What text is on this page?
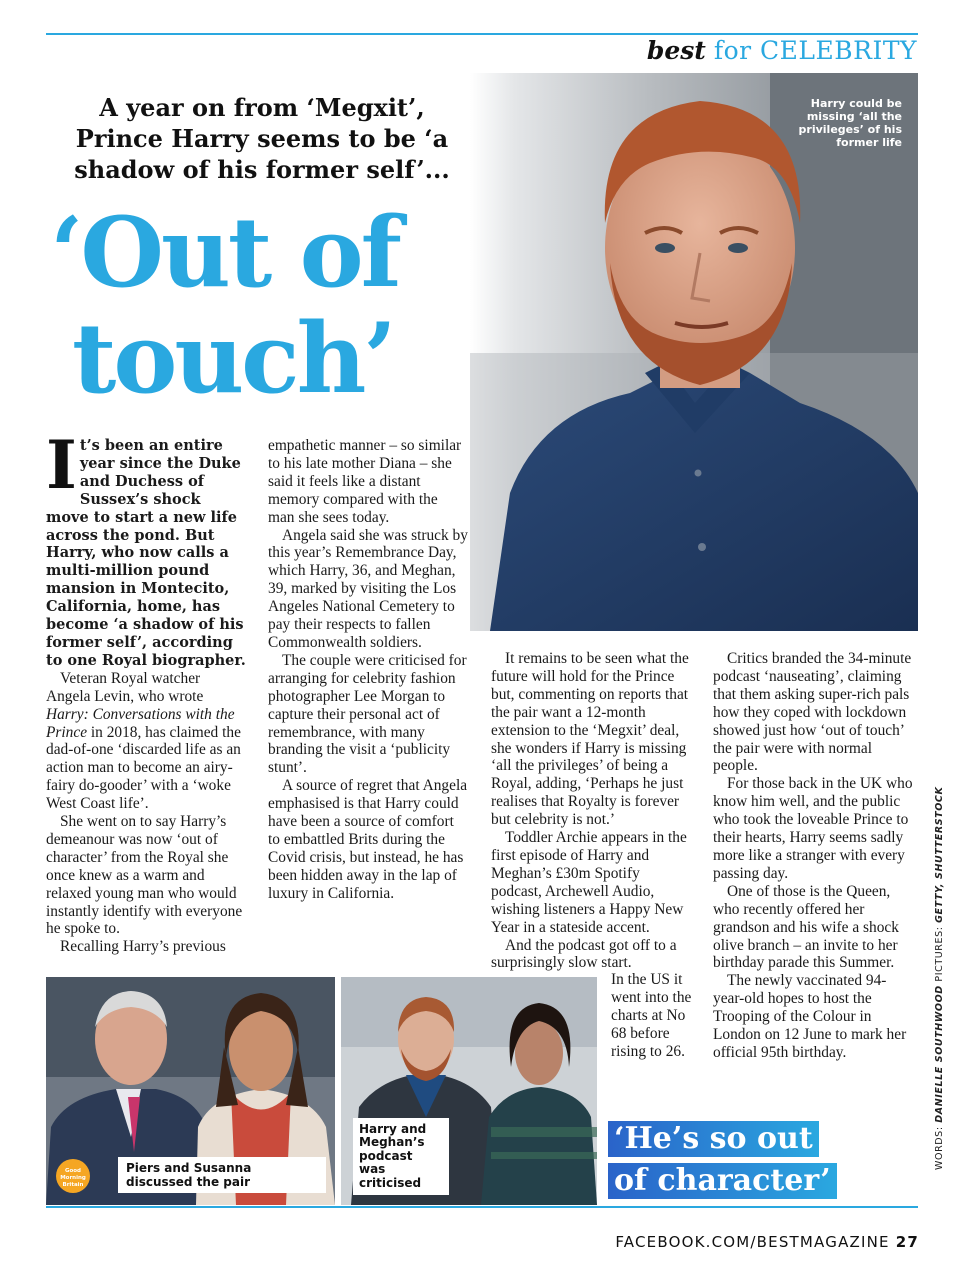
best for CELEBRITY
Harry could be missing ‘all the privileges’ of his former life
A year on from ‘Megxit’, Prince Harry seems to be ‘a shadow of his former self’...
‘Out of
touch’

It’s been an entire year since the Duke and Duchess of Sussex’s shock move to start a new life across the pond. But Harry, who now calls a multi-million pound mansion in Montecito, California, home, has become ‘a shadow of his former self’, according to one Royal biographer.

Veteran Royal watcher Angela Levin, who wrote Harry: Conversations with the Prince in 2018, has claimed the dad-of-one ‘discarded life as an action man to become an airy-fairy do-gooder’ with a ‘woke West Coast life’.

She went on to say Harry’s demeanour was now ‘out of character’ from the Royal she once knew as a warm and relaxed young man who would instantly identify with everyone he spoke to.

Recalling Harry’s previous

empathetic manner – so similar to his late mother Diana – she said it feels like a distant memory compared with the man she sees today.

Angela said she was struck by this year’s Remembrance Day, which Harry, 36, and Meghan, 39, marked by visiting the Los Angeles National Cemetery to pay their respects to fallen Commonwealth soldiers.

The couple were criticised for arranging for celebrity fashion photographer Lee Morgan to capture their personal act of remembrance, with many branding the visit a ‘publicity stunt’.

A source of regret that Angela emphasised is that Harry could have been a source of comfort to embattled Brits during the Covid crisis, but instead, he has been hidden away in the lap of luxury in California.

It remains to be seen what the future will hold for the Prince but, commenting on reports that the pair want a 12-month extension to the ‘Megxit’ deal, she wonders if Harry is missing ‘all the privileges’ of being a Royal, adding, ‘Perhaps he just realises that Royalty is forever but celebrity is not.’

Toddler Archie appears in the first episode of Harry and Meghan’s £30m Spotify podcast, Archewell Audio, wishing listeners a Happy New Year in a stateside accent.

And the podcast got off to a surprisingly slow start.

In the US it went into the charts at No 68 before rising to 26.

Critics branded the 34-minute podcast ‘nauseating’, claiming that them asking super-rich pals how they coped with lockdown showed just how ‘out of touch’ the pair were with normal people.

For those back in the UK who know him well, and the public who took the loveable Prince to their hearts, Harry seems sadly more like a stranger with every passing day.

One of those is the Queen, who recently offered her grandson and his wife a shock olive branch – an invite to her birthday parade this Summer.

The newly vaccinated 94-year-old hopes to host the Trooping of the Colour in London on 12 June to mark her official 95th birthday.

Good Morning Britain
Piers and Susanna discussed the pair
Harry and Meghan’s podcast was criticised
‘He’s so out
of character’
WORDS: DANIELLE SOUTHWOOD PICTURES: GETTY, SHUTTERSTOCK
FACEBOOK.COM/BESTMAGAZINE 27
